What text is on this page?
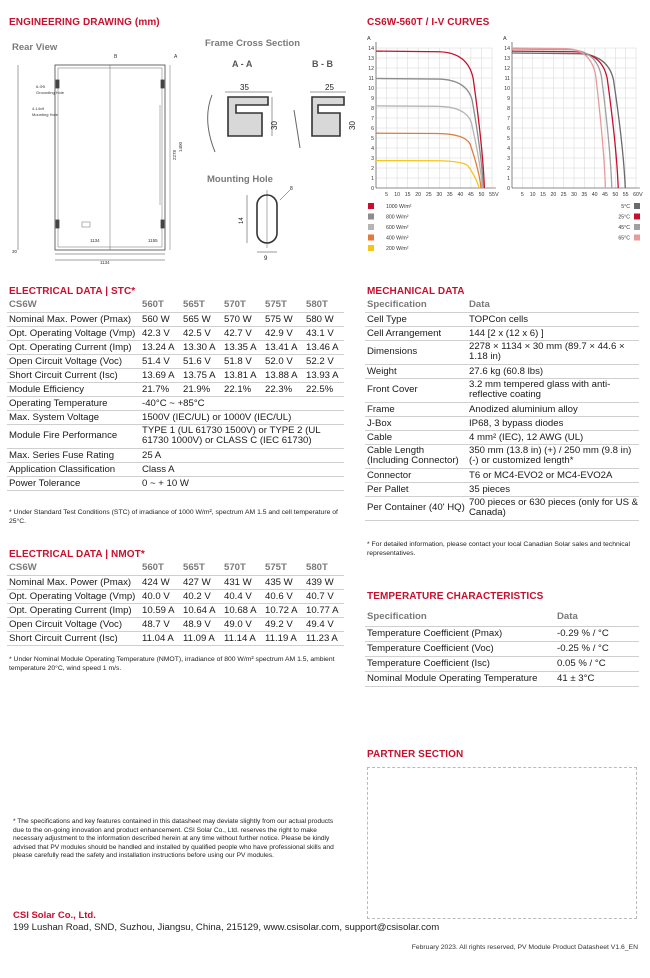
ENGINEERING DRAWING (mm)
Rear View	Frame Cross Section
Mounting Hole
6-Φ5
Grounding Hole
4-14x9
Mounting Hole
1134
1134
1155
30
2278
1400
A
B
A - A
35
30
B - B
25
30
14
9
8
CS6W-560T / I-V CURVES
A
V
14
13
12
11
10
9
8
7
6
5
4
3
2
1
0
5 10 15 20 25 30 35 40 45 50 55
A
V
14
13
12
11
10
9
8
7
6
5
4
3
2
1
0
5 10 15 20 25 30 35 40 45 50 55 60
1000 W/m²
800 W/m²
600 W/m²
400 W/m²
200 W/m²
5°C
25°C
45°C
65°C
ELECTRICAL DATA | STC*
CS6W	560T	565T	570T	575T	580T
Nominal Max. Power (Pmax)	560 W	565 W	570 W	575 W	580 W
Opt. Operating Voltage (Vmp)	42.3 V	42.5 V	42.7 V	42.9 V	43.1 V
Opt. Operating Current (Imp)	13.24 A	13.30 A	13.35 A	13.41 A	13.46 A
Open Circuit Voltage (Voc)	51.4 V	51.6 V	51.8 V	52.0 V	52.2 V
Short Circuit Current (Isc)	13.69 A	13.75 A	13.81 A	13.88 A	13.93 A
Module Efficiency	21.7%	21.9%	22.1%	22.3%	22.5%
Operating Temperature	-40°C ~ +85°C				
Max. System Voltage	1500V (IEC/UL) or 1000V (IEC/UL)				
Module Fire Performance	TYPE 1 (UL 61730 1500V) or TYPE 2 (UL 61730 1000V) or CLASS C (IEC 61730)				
Max. Series Fuse Rating	25 A				
Application Classification	Class A				
Power Tolerance	0 ~ + 10 W				
* Under Standard Test Conditions (STC) of irradiance of 1000 W/m², spectrum AM 1.5 and cell temperature of 25°C.
ELECTRICAL DATA | NMOT*
CS6W	560T	565T	570T	575T	580T
Nominal Max. Power (Pmax)	424 W	427 W	431 W	435 W	439 W
Opt. Operating Voltage (Vmp)	40.0 V	40.2 V	40.4 V	40.6 V	40.7 V
Opt. Operating Current (Imp)	10.59 A	10.64 A	10.68 A	10.72 A	10.77 A
Open Circuit Voltage (Voc)	48.7 V	48.9 V	49.0 V	49.2 V	49.4 V
Short Circuit Current (Isc)	11.04 A	11.09 A	11.14 A	11.19 A	11.23 A
* Under Nominal Module Operating Temperature (NMOT), irradiance of 800 W/m² spectrum AM 1.5, ambient temperature 20°C, wind speed 1 m/s.
MECHANICAL DATA
Specification	Data
Cell Type	TOPCon cells
Cell Arrangement	144 [2 x (12 x 6) ]
Dimensions	2278 × 1134 × 30 mm (89.7 × 44.6 × 1.18 in)
Weight	27.6 kg (60.8 lbs)
Front Cover	3.2 mm tempered glass with anti-reflective coating
Frame	Anodized aluminium alloy
J-Box	IP68, 3 bypass diodes
Cable	4 mm² (IEC), 12 AWG (UL)
Cable Length (Including Connector)	350 mm (13.8 in) (+) / 250 mm (9.8 in) (-) or customized length*
Connector	T6 or MC4-EVO2 or MC4-EVO2A
Per Pallet	35 pieces
Per Container (40' HQ)	700 pieces or 630 pieces (only for US & Canada)
* For detailed information, please contact your local Canadian Solar sales and technical representatives.
TEMPERATURE CHARACTERISTICS
Specification	Data
Temperature Coefficient (Pmax)	-0.29 % / °C
Temperature Coefficient (Voc)	-0.25 % / °C
Temperature Coefficient (Isc)	0.05 % / °C
Nominal Module Operating Temperature	41 ± 3°C
PARTNER SECTION
* The specifications and key features contained in this datasheet may deviate slightly from our actual products due to the on-going innovation and product enhancement. CSI Solar Co., Ltd. reserves the right to make necessary adjustment to the information described herein at any time without further notice. Please be kindly advised that PV modules should be handled and installed by qualified people who have professional skills and please carefully read the safety and installation instructions before using our PV modules.
CSI Solar Co., Ltd.
199 Lushan Road, SND, Suzhou, Jiangsu, China, 215129, www.csisolar.com, support@csisolar.com
February 2023. All rights reserved, PV Module Product Datasheet V1.6_EN
